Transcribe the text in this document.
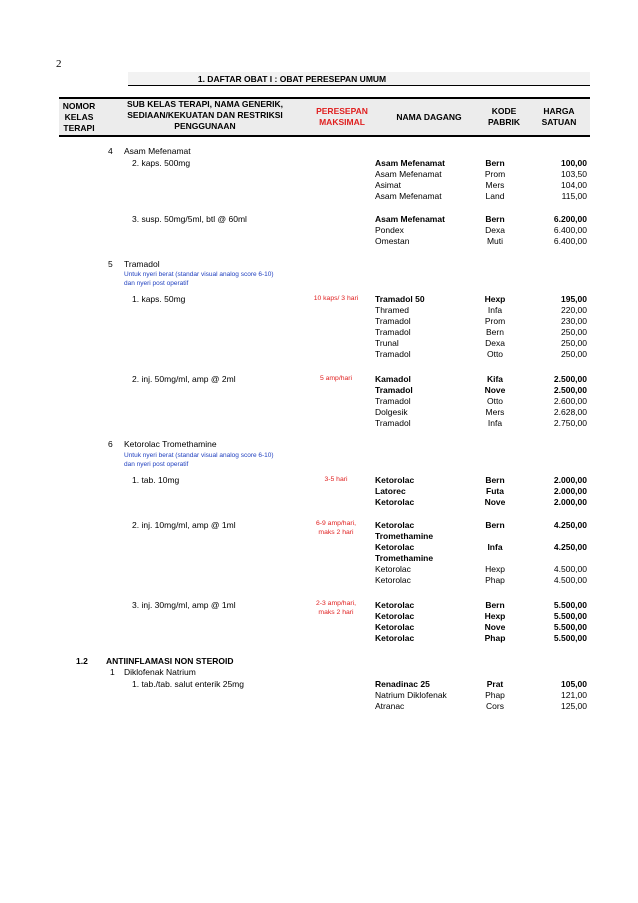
2
1. DAFTAR OBAT I : OBAT PERESEPAN UMUM
NOMOR KELAS TERAPI
SUB KELAS TERAPI, NAMA GENERIK, SEDIAAN/KEKUATAN DAN RESTRIKSI PENGGUNAAN
PERESEPAN MAKSIMAL	NAMA DAGANG
KODE PABRIK
HARGA SATUAN
4 Asam Mefenamat
2. kaps. 500mg	Asam Mefenamat	Bern	100,00
Asam Mefenamat	Prom	103,50
Asimat	Mers	104,00
Asam Mefenamat	Land	115,00
3. susp. 50mg/5ml, btl @ 60ml	Asam Mefenamat	Bern	6.200,00
Pondex	Dexa	6.400,00
Omestan	Muti	6.400,00
5 Tramadol
Untuk nyeri berat (standar visual analog score 6-10)
dan nyeri post operatif
1. kaps. 50mg	10 kaps/ 3 hari	Tramadol 50	Hexp	195,00
Thramed	Infa	220,00
Tramadol	Prom	230,00
Tramadol	Bern	250,00
Trunal	Dexa	250,00
Tramadol	Otto	250,00
2. inj. 50mg/ml, amp @ 2ml	5 amp/hari	Kamadol	Kifa	2.500,00
Tramadol	Nove	2.500,00
Tramadol	Otto	2.600,00
Dolgesik	Mers	2.628,00
Tramadol	Infa	2.750,00
6 Ketorolac Tromethamine
Untuk nyeri berat (standar visual analog score 6-10)
dan nyeri post operatif
1. tab. 10mg	3-5 hari	Ketorolac	Bern	2.000,00
Latorec	Futa	2.000,00
Ketorolac	Nove	2.000,00
2. inj. 10mg/ml, amp @ 1ml	6-9 amp/hari,
maks 2 hari
Ketorolac	Bern	4.250,00
Tromethamine
Ketorolac	Infa	4.250,00
Tromethamine
Ketorolac	Hexp	4.500,00
Ketorolac	Phap	4.500,00
3. inj. 30mg/ml, amp @ 1ml	2-3 amp/hari,
maks 2 hari
Ketorolac	Bern	5.500,00
Ketorolac	Hexp	5.500,00
Ketorolac	Nove	5.500,00
Ketorolac	Phap	5.500,00
1.2 ANTIINFLAMASI NON STEROID
1 Diklofenak Natrium
1. tab./tab. salut enterik 25mg	Renadinac 25	Prat	105,00
Natrium Diklofenak	Phap	121,00
Atranac	Cors	125,00
